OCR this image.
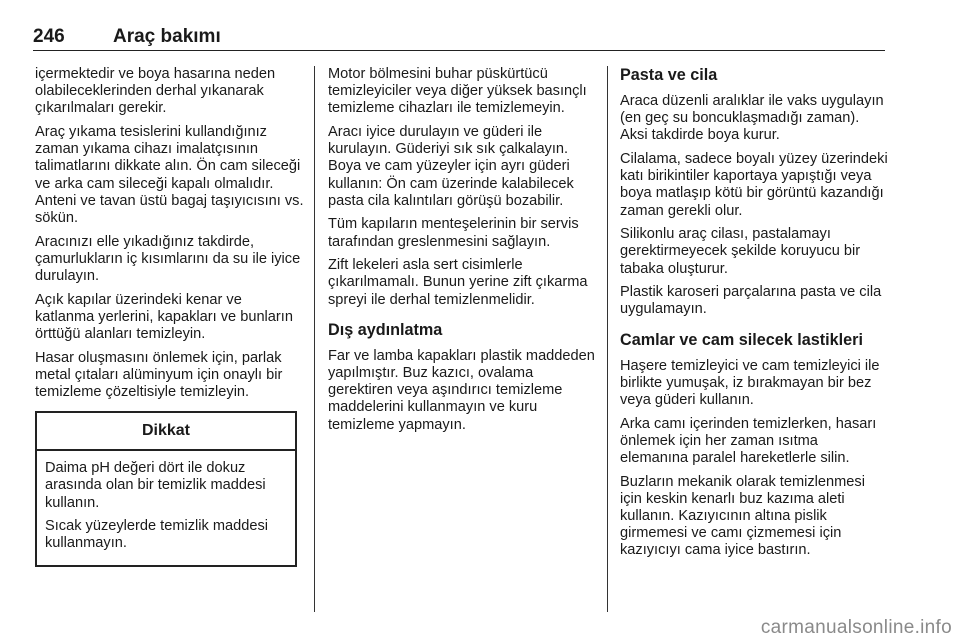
246	Araç bakımı

içermektedir ve boya hasarına neden olabileceklerinden derhal yıkanarak çıkarılmaları gerekir.

Araç yıkama tesislerini kullandığınız zaman yıkama cihazı imalatçısının talimatlarını dikkate alın. Ön cam sileceği ve arka cam sileceği kapalı olmalıdır. Anteni ve tavan üstü bagaj taşıyıcısını vs. sökün.

Aracınızı elle yıkadığınız takdirde, çamurlukların iç kısımlarını da su ile iyice durulayın.

Açık kapılar üzerindeki kenar ve katlanma yerlerini, kapakları ve bunların örttüğü alanları temizleyin.

Hasar oluşmasını önlemek için, parlak metal çıtaları alüminyum için onaylı bir temizleme çözeltisiyle temizleyin.

Dikkat

Daima pH değeri dört ile dokuz arasında olan bir temizlik maddesi kullanın.

Sıcak yüzeylerde temizlik maddesi kullanmayın.

Motor bölmesini buhar püskürtücü temizleyiciler veya diğer yüksek basınçlı temizleme cihazları ile temizlemeyin.

Aracı iyice durulayın ve güderi ile kurulayın. Güderiyi sık sık çalkalayın. Boya ve cam yüzeyler için ayrı güderi kullanın: Ön cam üzerinde kalabilecek pasta cila kalıntıları görüşü bozabilir.

Tüm kapıların menteşelerinin bir servis tarafından greslenmesini sağlayın.

Zift lekeleri asla sert cisimlerle çıkarılmamalı. Bunun yerine zift çıkarma spreyi ile derhal temizlenmelidir.

Dış aydınlatma

Far ve lamba kapakları plastik maddeden yapılmıştır. Buz kazıcı, ovalama gerektiren veya aşındırıcı temizleme maddelerini kullanmayın ve kuru temizleme yapmayın.

Pasta ve cila

Araca düzenli aralıklar ile vaks uygulayın (en geç su boncuklaşmadığı zaman). Aksi takdirde boya kurur.

Cilalama, sadece boyalı yüzey üzerindeki katı birikintiler kaportaya yapıştığı veya boya matlaşıp kötü bir görüntü kazandığı zaman gerekli olur.

Silikonlu araç cilası, pastalamayı gerektirmeyecek şekilde koruyucu bir tabaka oluşturur.

Plastik karoseri parçalarına pasta ve cila uygulamayın.

Camlar ve cam silecek lastikleri

Haşere temizleyici ve cam temizleyici ile birlikte yumuşak, iz bırakmayan bir bez veya güderi kullanın.

Arka camı içerinden temizlerken, hasarı önlemek için her zaman ısıtma elemanına paralel hareketlerle silin.

Buzların mekanik olarak temizlenmesi için keskin kenarlı buz kazıma aleti kullanın. Kazıyıcının altına pislik girmemesi ve camı çizmemesi için kazıyıcıyı cama iyice bastırın.

carmanualsonline.info
